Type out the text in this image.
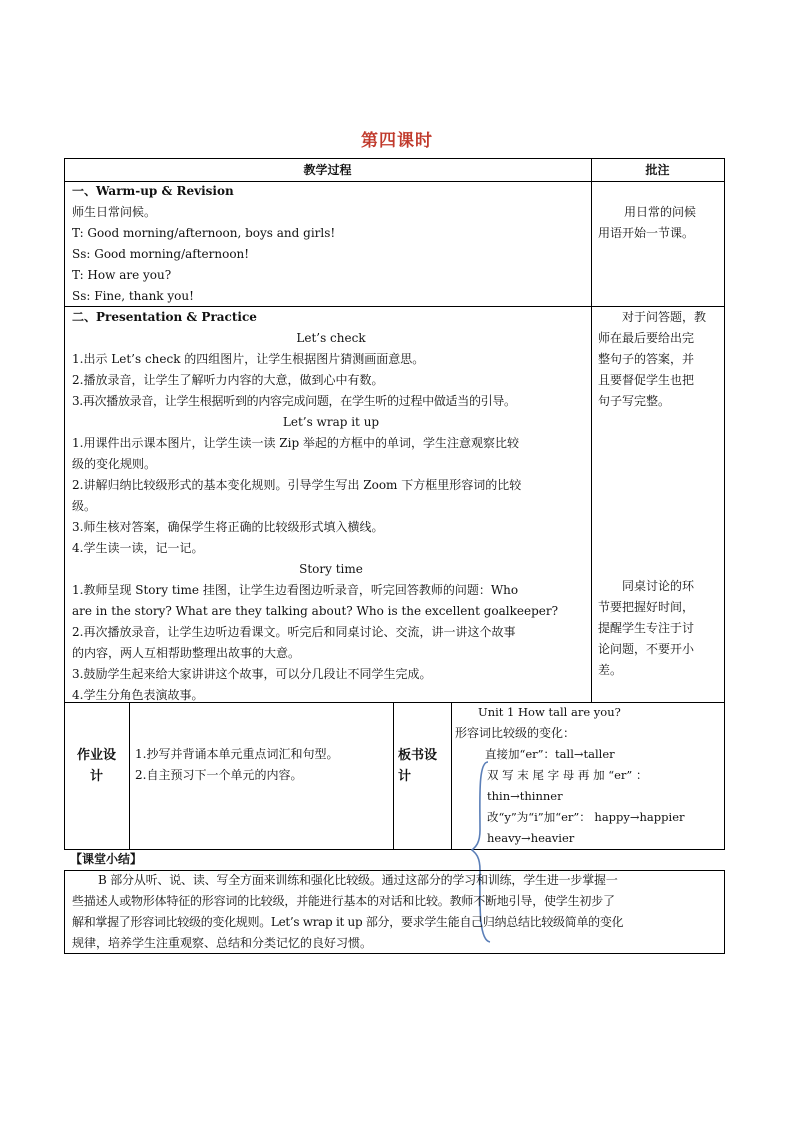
第四课时
教学过程	批注
一、Warm-up & Revision
师生日常问候。
T: Good morning/afternoon, boys and girls!
Ss: Good morning/afternoon!
T: How are you?
Ss: Fine, thank you!
用日常的问候
用语开始一节课。
二、Presentation & Practice
Let’s check
1.出示 Let’s check 的四组图片，让学生根据图片猜测画面意思。
2.播放录音，让学生了解听力内容的大意，做到心中有数。
3.再次播放录音，让学生根据听到的内容完成问题，在学生听的过程中做适当的引导。
Let’s wrap it up
1.用课件出示课本图片，让学生读一读 Zip 举起的方框中的单词，学生注意观察比较
级的变化规则。
2.讲解归纳比较级形式的基本变化规则。引导学生写出 Zoom 下方框里形容词的比较
级。
3.师生核对答案，确保学生将正确的比较级形式填入横线。
4.学生读一读，记一记。
Story time
1.教师呈现 Story time 挂图，让学生边看图边听录音，听完回答教师的问题：Who
are in the story? What are they talking about? Who is the excellent goalkeeper?
2.再次播放录音，让学生边听边看课文。听完后和同桌讨论、交流，讲一讲这个故事
的内容，两人互相帮助整理出故事的大意。
3.鼓励学生起来给大家讲讲这个故事，可以分几段让不同学生完成。
4.学生分角色表演故事。
对于问答题，教
师在最后要给出完
整句子的答案，并
且要督促学生也把
句子写完整。
同桌讨论的环
节要把握好时间，
提醒学生专注于讨
论问题，不要开小
差。
作业设
计
1.抄写并背诵本单元重点词汇和句型。
2.自主预习下一个单元的内容。
板书设
计
Unit 1 How tall are you?
形容词比较级的变化：
直接加“er”：tall→taller
双 写 末 尾 字 母 再 加 “er” ：
thin→thinner
改“y”为“i”加“er”： happy→happier
heavy→heavier
【课堂小结】
B 部分从听、说、读、写全方面来训练和强化比较级。通过这部分的学习和训练，学生进一步掌握一
些描述人或物形体特征的形容词的比较级，并能进行基本的对话和比较。教师不断地引导，使学生初步了
解和掌握了形容词比较级的变化规则。Let’s wrap it up 部分，要求学生能自己归纳总结比较级简单的变化
规律，培养学生注重观察、总结和分类记忆的良好习惯。
